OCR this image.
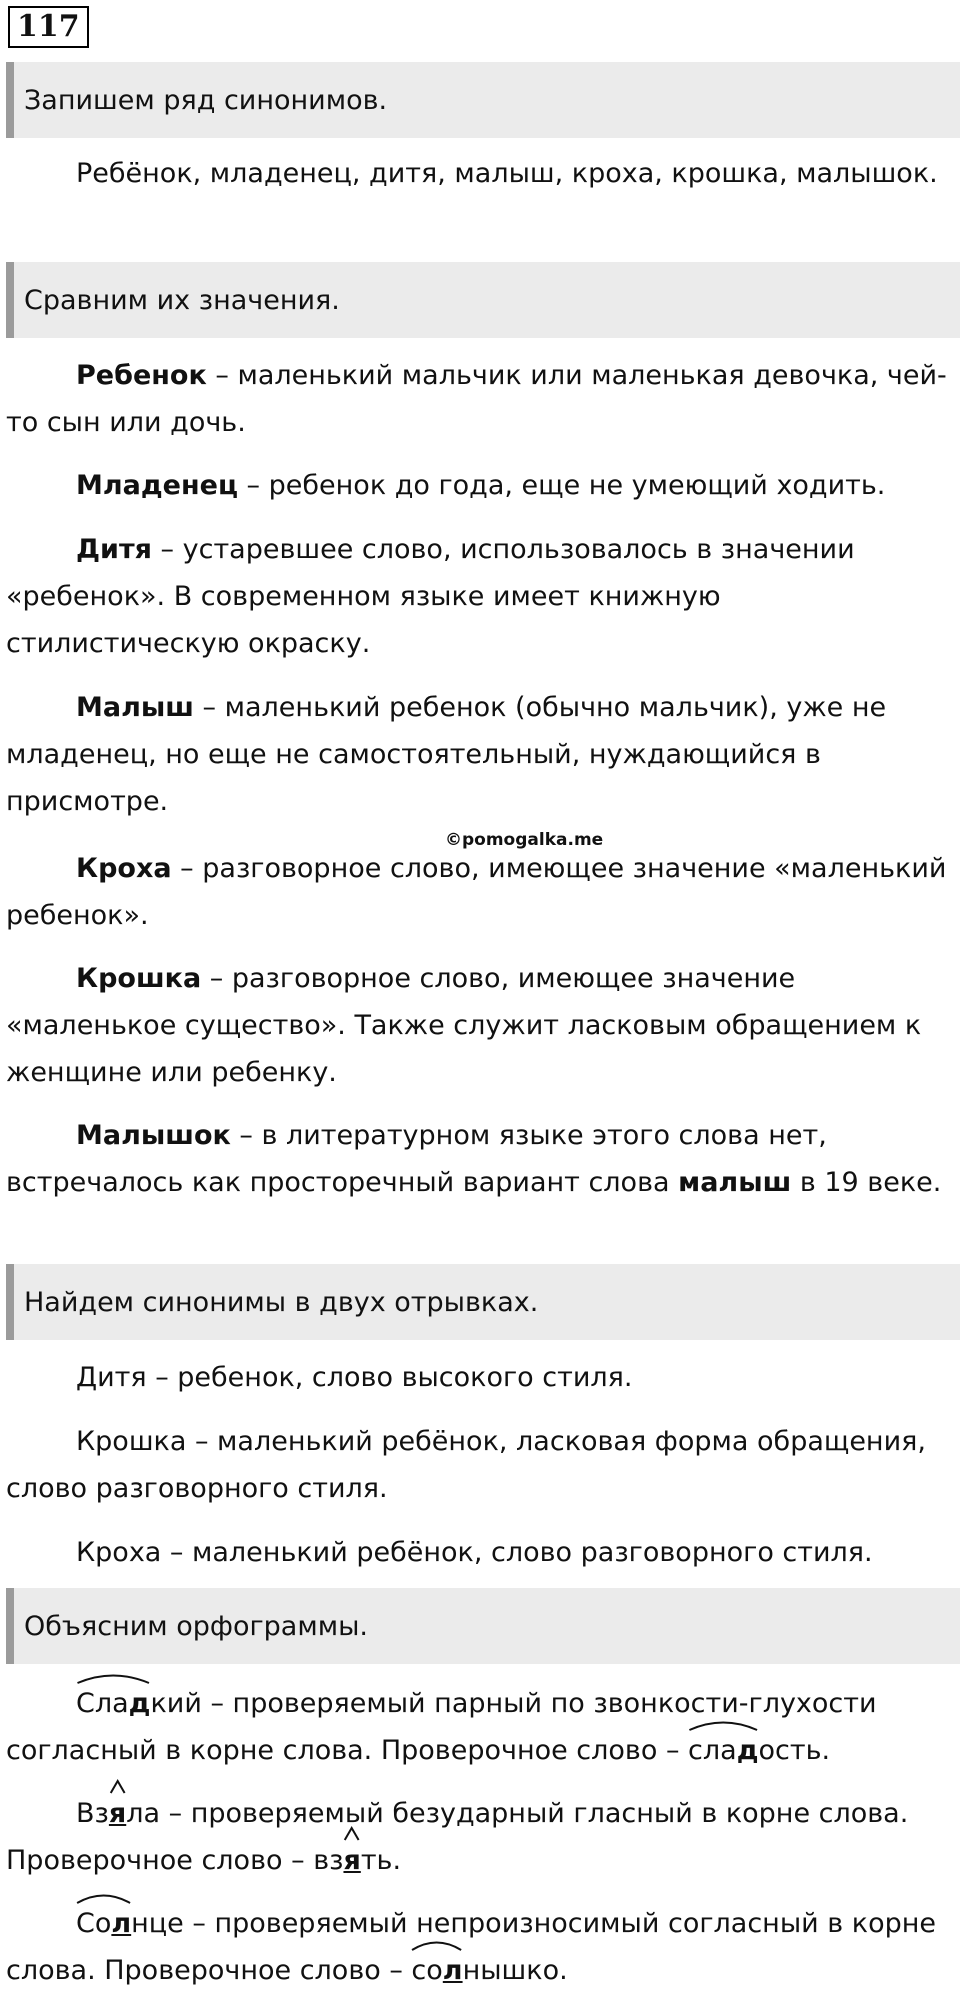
117
Запишем ряд синонимов.
Ребёнок, младенец, дитя, малыш, кроха, крошка, малышок.
Сравним их значения.
Ребенок – маленький мальчик или маленькая девочка, чей-то сын или дочь.
Младенец – ребенок до года, еще не умеющий ходить.
Дитя – устаревшее слово, использовалось в значении «ребенок». В современном языке имеет книжную стилистическую окраску.
Малыш – маленький ребенок (обычно мальчик), уже не младенец, но еще не самостоятельный, нуждающийся в присмотре.
©pomogalka.me
Кроха – разговорное слово, имеющее значение «маленький ребенок».
Крошка – разговорное слово, имеющее значение «маленькое существо». Также служит ласковым обращением к женщине или ребенку.
Малышок – в литературном языке этого слова нет, встречалось как просторечный вариант слова малыш в 19 веке.
Найдем синонимы в двух отрывках.
Дитя – ребенок, слово высокого стиля.
Крошка – маленький ребёнок, ласковая форма обращения, слово разговорного стиля.
Кроха – маленький ребёнок, слово разговорного стиля.
Объясним орфограммы.
Сладкий – проверяемый парный по звонкости-глухости согласный в корне слова. Проверочное слово –
сладость.
Вз
яла – проверяемый безударный гласный в корне слова. Проверочное слово – вз
ять.
Солнце – проверяемый непроизносимый согласный в корне слова. Проверочное слово –
солнышко.
